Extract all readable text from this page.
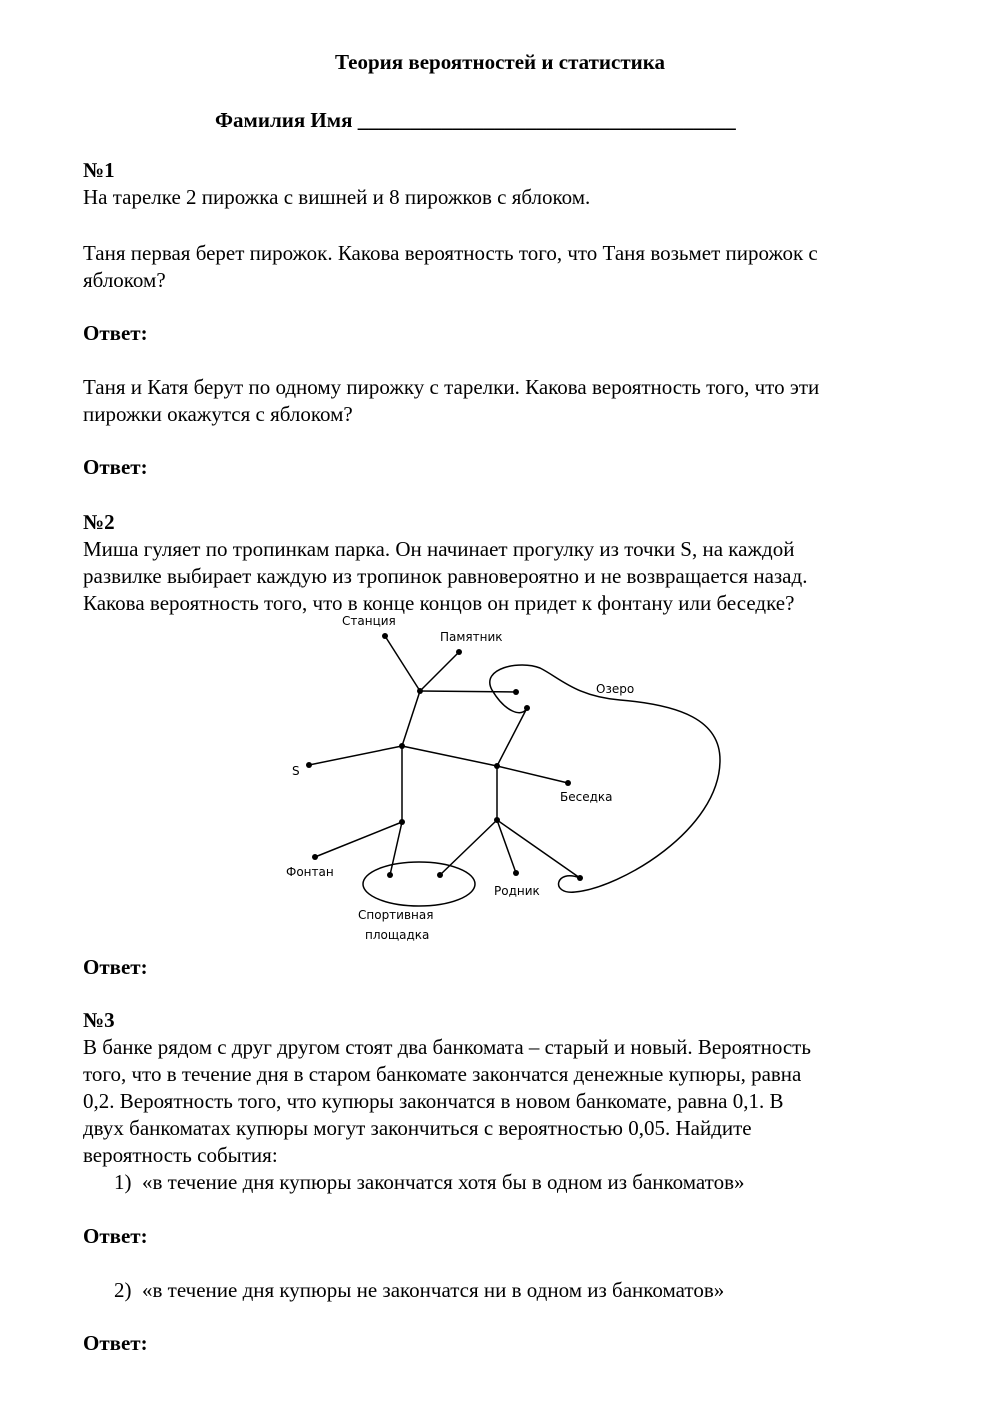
Теория вероятностей и статистика
Фамилия Имя ____________________________________
№1
На тарелке 2 пирожка с вишней и 8 пирожков с яблоком.
Таня первая берет пирожок. Какова вероятность того, что Таня возьмет пирожок с
яблоком?
Ответ:
Таня и Катя берут по одному пирожку с тарелки. Какова вероятность того, что эти
пирожки окажутся с яблоком?
Ответ:
№2
Миша гуляет по тропинкам парка. Он начинает прогулку из точки S, на каждой
развилке выбирает каждую из тропинок равновероятно и не возвращается назад.
Какова вероятность того, что в конце концов он придет к фонтану или беседке?
Станция
Памятник
Озеро
S
Беседка
Фонтан
Родник
Спортивная
площадка
Ответ:
№3
В банке рядом с друг другом стоят два банкомата – старый и новый. Вероятность
того, что в течение дня в старом банкомате закончатся денежные купюры, равна
0,2. Вероятность того, что купюры закончатся в новом банкомате, равна 0,1. В
двух банкоматах купюры могут закончиться с вероятностью 0,05. Найдите
вероятность события:
1) «в течение дня купюры закончатся хотя бы в одном из банкоматов»
Ответ:
2) «в течение дня купюры не закончатся ни в одном из банкоматов»
Ответ:
